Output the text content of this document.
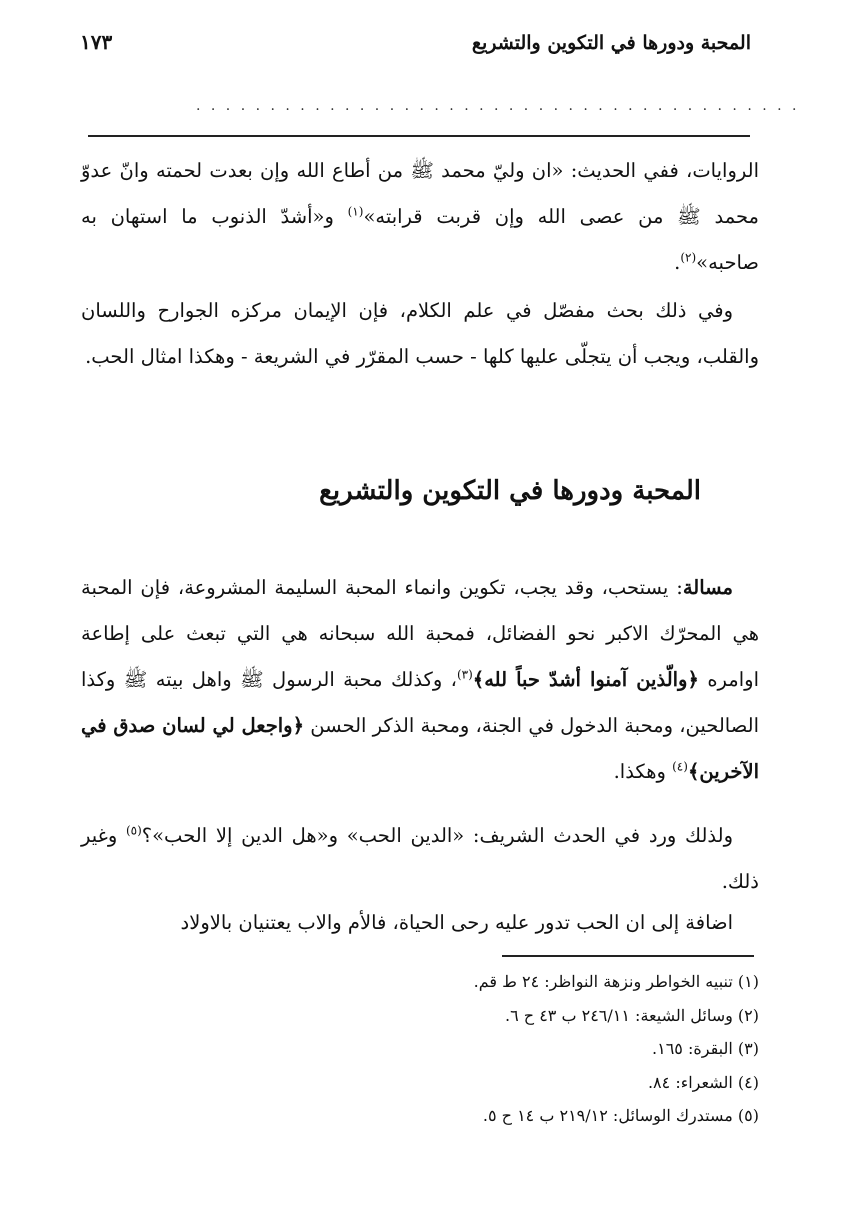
المحبة ودورها في التكوين والتشريع
١٧٣
. . . . . . . . . . . . . . . . . . . . . . . . . . . . . . . . . . . . . . . . .

الروايات، ففي الحديث: «ان وليّ محمد ﷺ من أطاع الله وإن بعدت لحمته وانّ عدوّ محمد ﷺ من عصى الله وإن قربت قرابته»$^{(١)}$ و«أشدّ الذنوب ما استهان به صاحبه»$^{(٢)}$.

وفي ذلك بحث مفصّل في علم الكلام، فإن الإيمان مركزه الجوارح واللسان والقلب، ويجب أن يتجلّى عليها كلها - حسب المقرّر في الشريعة - وهكذا امثال الحب.

المحبة ودورها في التكوين والتشريع

مسالة: يستحب، وقد يجب، تكوين وانماء المحبة السليمة المشروعة، فإن المحبة هي المحرّك الاكبر نحو الفضائل، فمحبة الله سبحانه هي التي تبعث على إطاعة اوامره ﴿والّذين آمنوا أشدّ حباً لله﴾$^{(٣)}$، وكذلك محبة الرسول ﷺ واهل بيته ﷺ وكذا الصالحين، ومحبة الدخول في الجنة، ومحبة الذكر الحسن ﴿واجعل لي لسان صدق في الآخرين﴾$^{(٤)}$ وهكذا.

ولذلك ورد في الحدث الشريف: «الدين الحب» و«هل الدين إلا الحب»؟$^{(٥)}$ وغير ذلك.

اضافة إلى ان الحب تدور عليه رحى الحياة، فالأم والاب يعتنيان بالاولاد

(١) تنبيه الخواطر ونزهة النواظر: ٢٤ ط قم.

(٢) وسائل الشيعة: ٢٤٦/١١ ب ٤٣ ح ٦.

(٣) البقرة: ١٦٥.

(٤) الشعراء: ٨٤.

(٥) مستدرك الوسائل: ٢١٩/١٢ ب ١٤ ح ٥.
